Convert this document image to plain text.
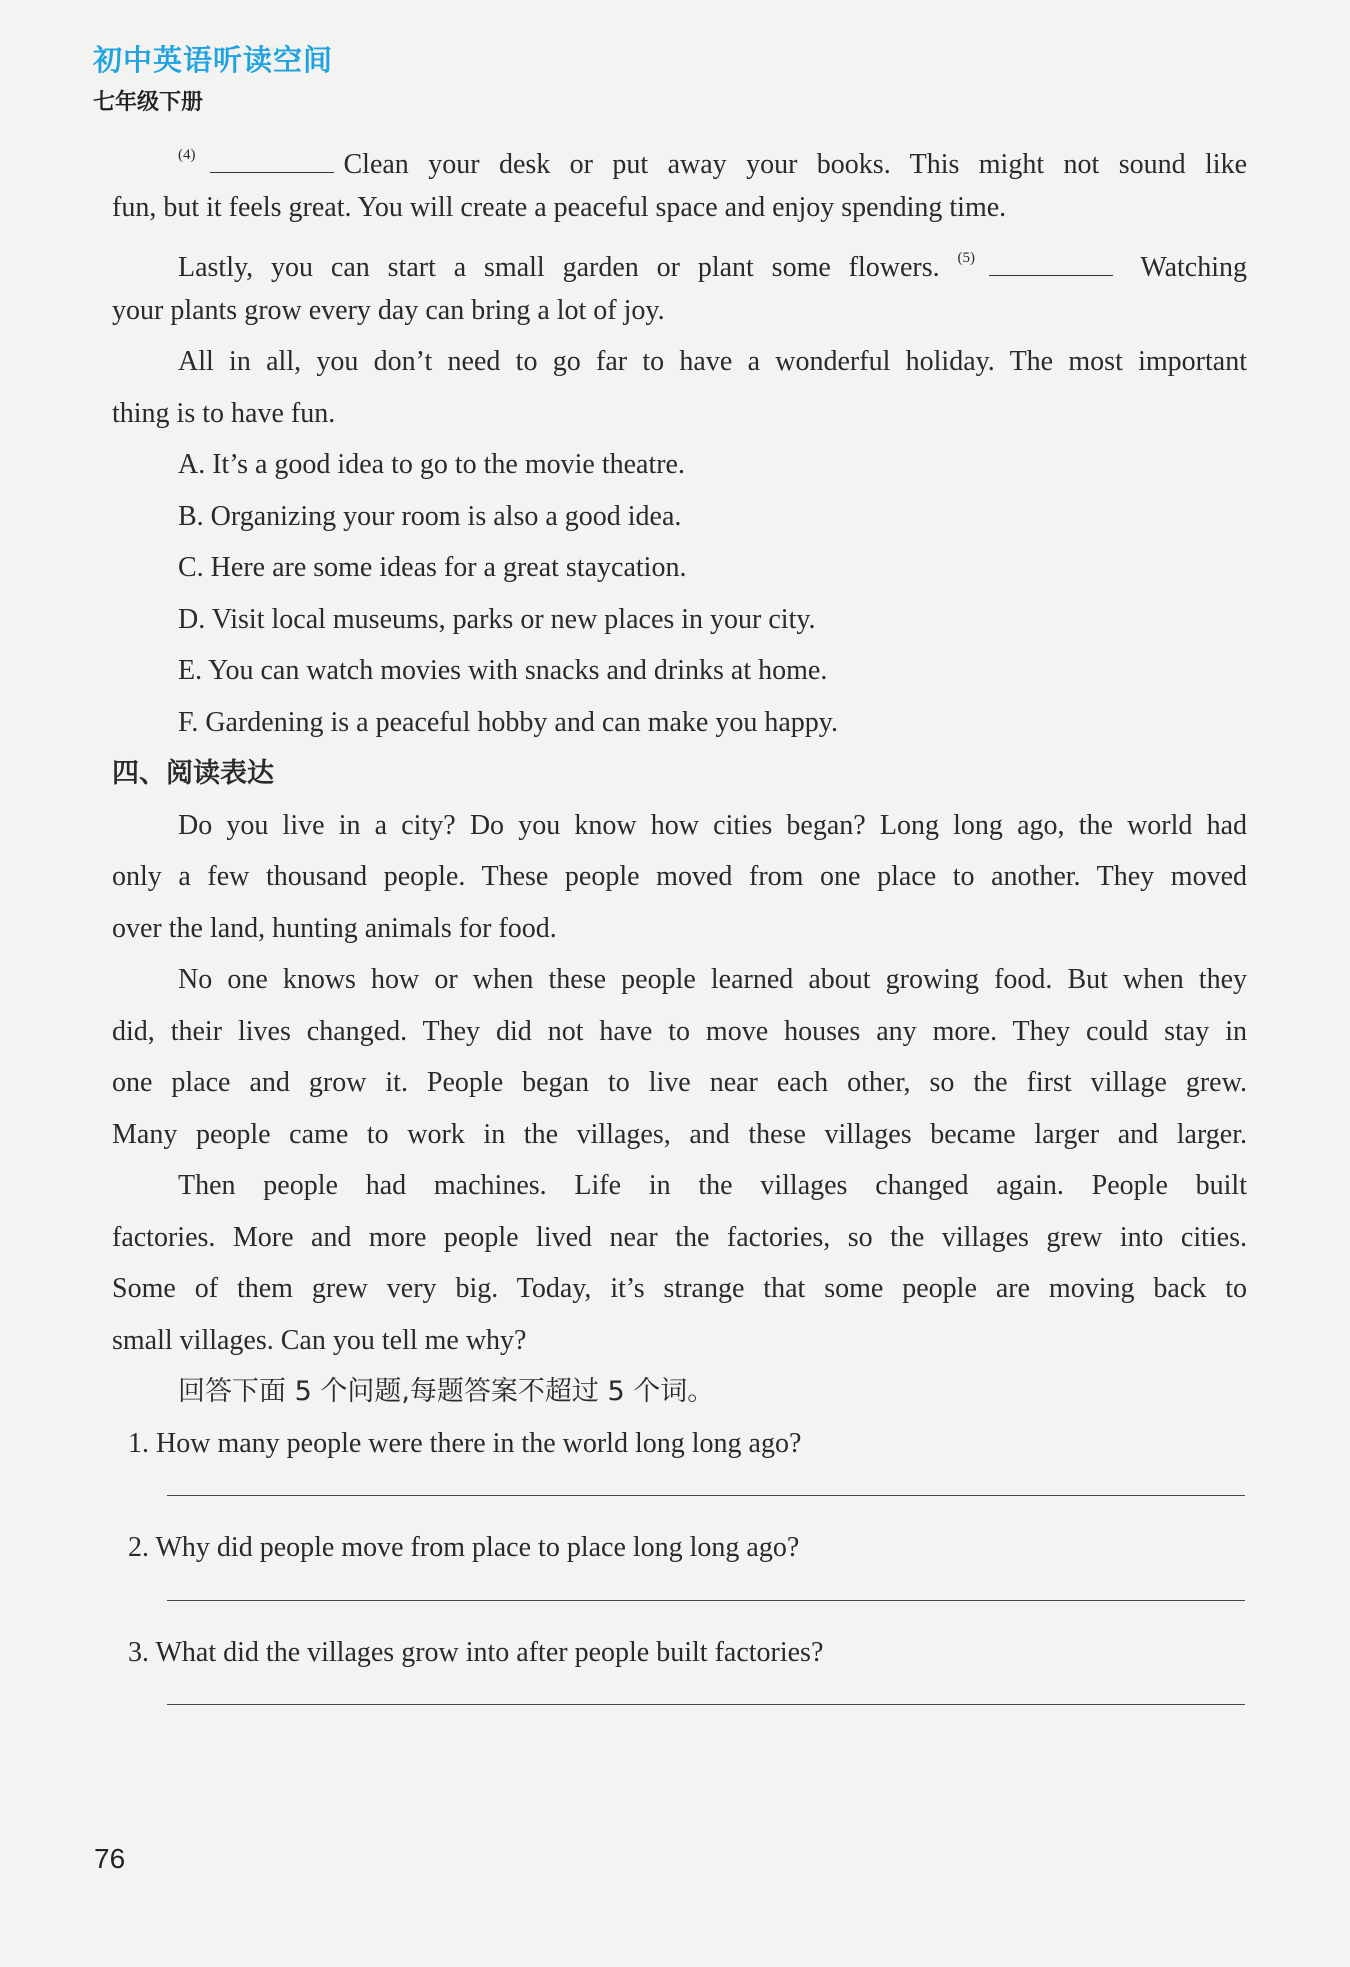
初中英语听读空间
七年级下册
$^{(4)}$	Clean your desk or put away your books. This might not sound like
fun, but it feels great. You will create a peaceful space and enjoy spending time.
Lastly, you can start a small garden or plant some flowers. $^{(5)}$	Watching
your plants grow every day can bring a lot of joy.
All in all, you don’t need to go far to have a wonderful holiday. The most important
thing is to have fun.
A. It’s a good idea to go to the movie theatre.
B. Organizing your room is also a good idea.
C. Here are some ideas for a great staycation.
D. Visit local museums, parks or new places in your city.
E. You can watch movies with snacks and drinks at home.
F. Gardening is a peaceful hobby and can make you happy.
四、阅读表达
Do you live in a city? Do you know how cities began? Long long ago, the world had
only a few thousand people. These people moved from one place to another. They moved
over the land, hunting animals for food.
No one knows how or when these people learned about growing food. But when they
did, their lives changed. They did not have to move houses any more. They could stay in
one place and grow it. People began to live near each other, so the first village grew.
Many people came to work in the villages, and these villages became larger and larger.
Then people had machines. Life in the villages changed again. People built
factories. More and more people lived near the factories, so the villages grew into cities.
Some of them grew very big. Today, it’s strange that some people are moving back to
small villages. Can you tell me why?
回答下面 5 个问题,每题答案不超过 5 个词。
1. How many people were there in the world long long ago?
2. Why did people move from place to place long long ago?
3. What did the villages grow into after people built factories?
76
